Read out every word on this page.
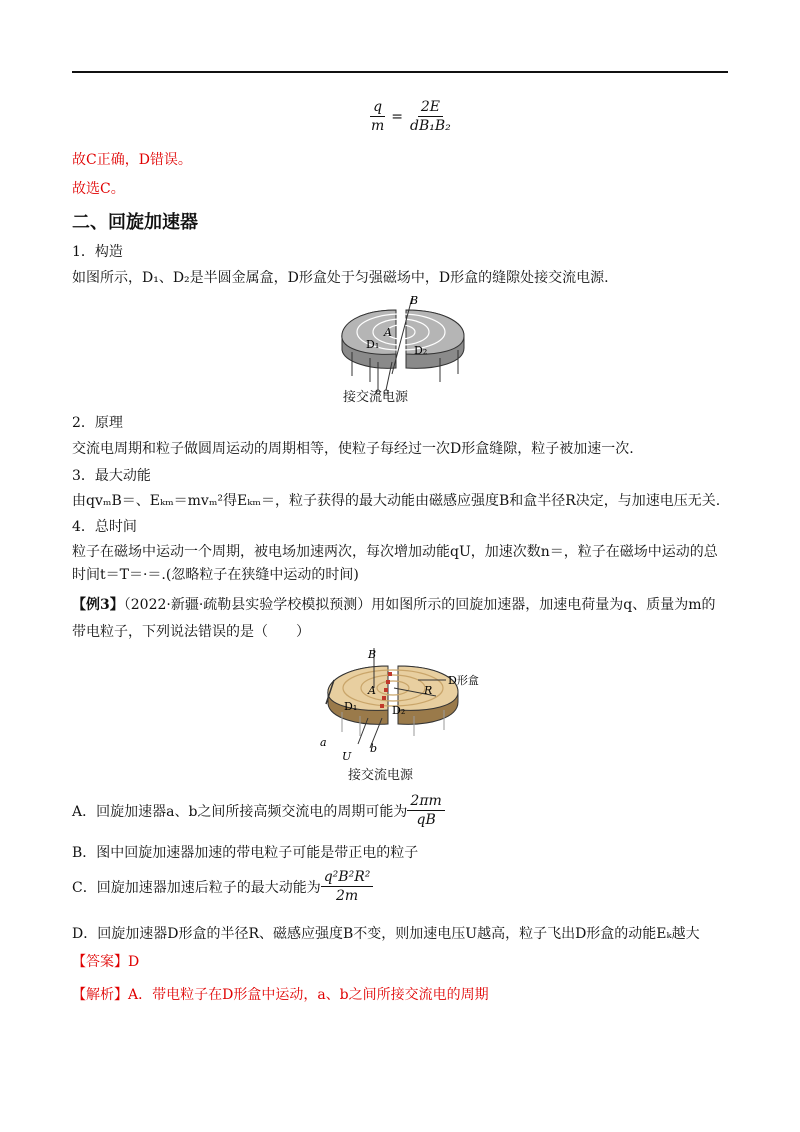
$\frac{q}{m} = \frac{2E}{\text{dB₁B₂}}$
故C正确，D错误。
故选C。
二、回旋加速器
1．构造
如图所示，D₁、D₂是半圆金属盒，D形盒处于匀强磁场中，D形盒的缝隙处接交流电源.
B
A
D₁	D₂
接交流电源
2．原理
交流电周期和粒子做圆周运动的周期相等，使粒子每经过一次D形盒缝隙，粒子被加速一次.
3．最大动能
由qvₘB＝、Eₖₘ＝mvₘ²得Eₖₘ＝，粒子获得的最大动能由磁感应强度B和盒半径R决定，与加速电压无关.
4．总时间
粒子在磁场中运动一个周期，被电场加速两次，每次增加动能qU，加速次数n＝，粒子在磁场中运动的总
时间t＝T＝·＝.(忽略粒子在狭缝中运动的时间)
【例3】（2022·新疆·疏勒县实验学校模拟预测）用如图所示的回旋加速器，加速电荷量为q、质量为m的
带电粒子，下列说法错误的是（　　）
B
A	R
D形盒
D₁	D₂
a	b
U
接交流电源
A．回旋加速器a、b之间所接高频交流电的周期可能为 $\frac{2\pi m}{qB}$
B．图中回旋加速器加速的带电粒子可能是带正电的粒子
C．回旋加速器加速后粒子的最大动能为 $\frac{\text{q²B²R²}}{2m}$
D．回旋加速器D形盒的半径R、磁感应强度B不变，则加速电压U越高，粒子飞出D形盒的动能Eₖ越大
【答案】D
【解析】A．带电粒子在D形盒中运动，a、b之间所接交流电的周期
